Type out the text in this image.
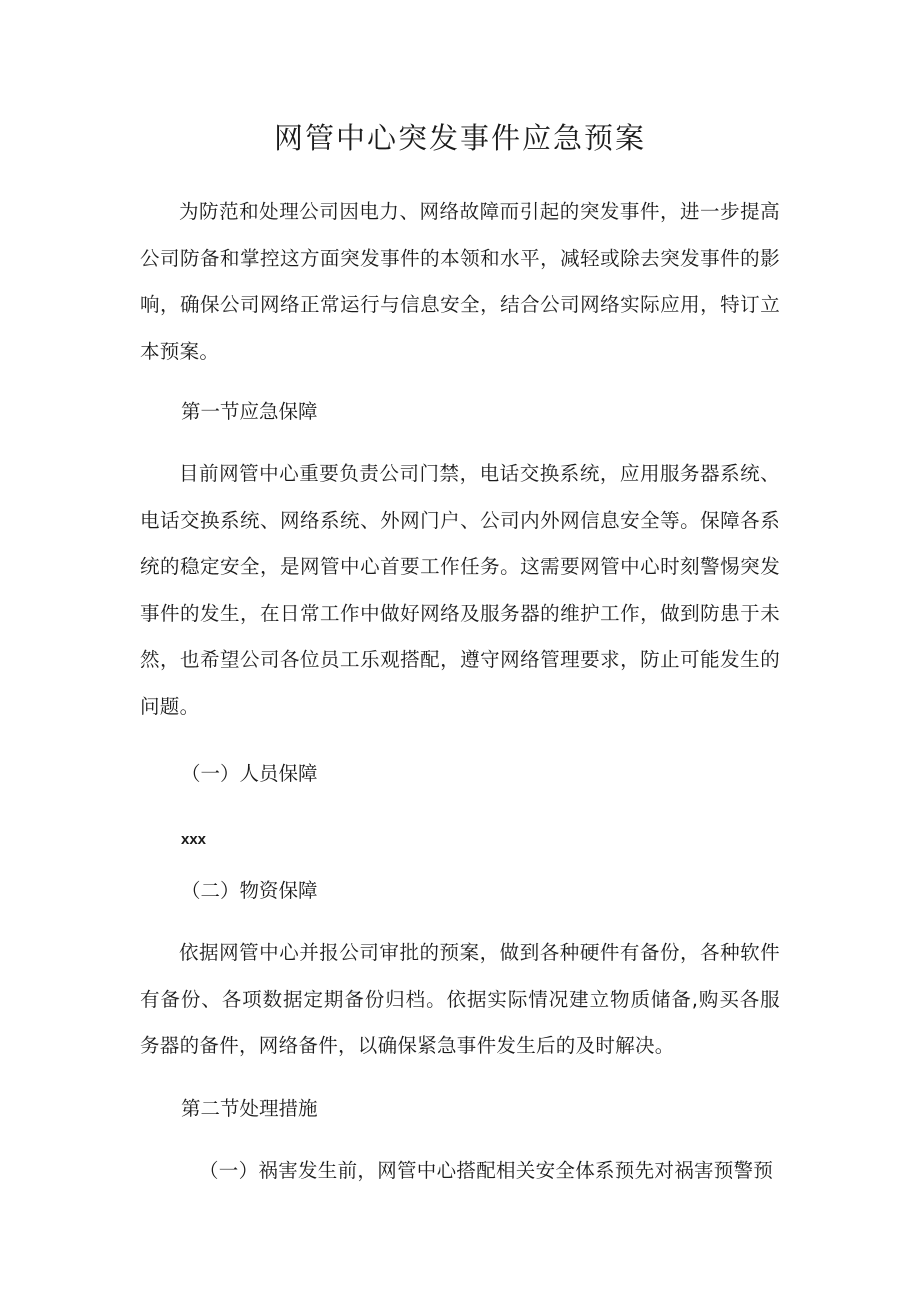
网管中心突发事件应急预案

为防范和处理公司因电力、网络故障而引起的突发事件，进一步提高公司防备和掌控这方面突发事件的本领和水平，减轻或除去突发事件的影响，确保公司网络正常运行与信息安全，结合公司网络实际应用，特订立本预案。

第一节应急保障

目前网管中心重要负责公司门禁，电话交换系统，应用服务器系统、电话交换系统、网络系统、外网门户、公司内外网信息安全等。保障各系统的稳定安全，是网管中心首要工作任务。这需要网管中心时刻警惕突发事件的发生，在日常工作中做好网络及服务器的维护工作，做到防患于未然，也希望公司各位员工乐观搭配，遵守网络管理要求，防止可能发生的问题。

（一）人员保障
xxx
（二）物资保障

依据网管中心并报公司审批的预案，做到各种硬件有备份，各种软件有备份、各项数据定期备份归档。依据实际情况建立物质储备,购买各服务器的备件，网络备件，以确保紧急事件发生后的及时解决。

第二节处理措施

（一）祸害发生前，网管中心搭配相关安全体系预先对祸害预警预
